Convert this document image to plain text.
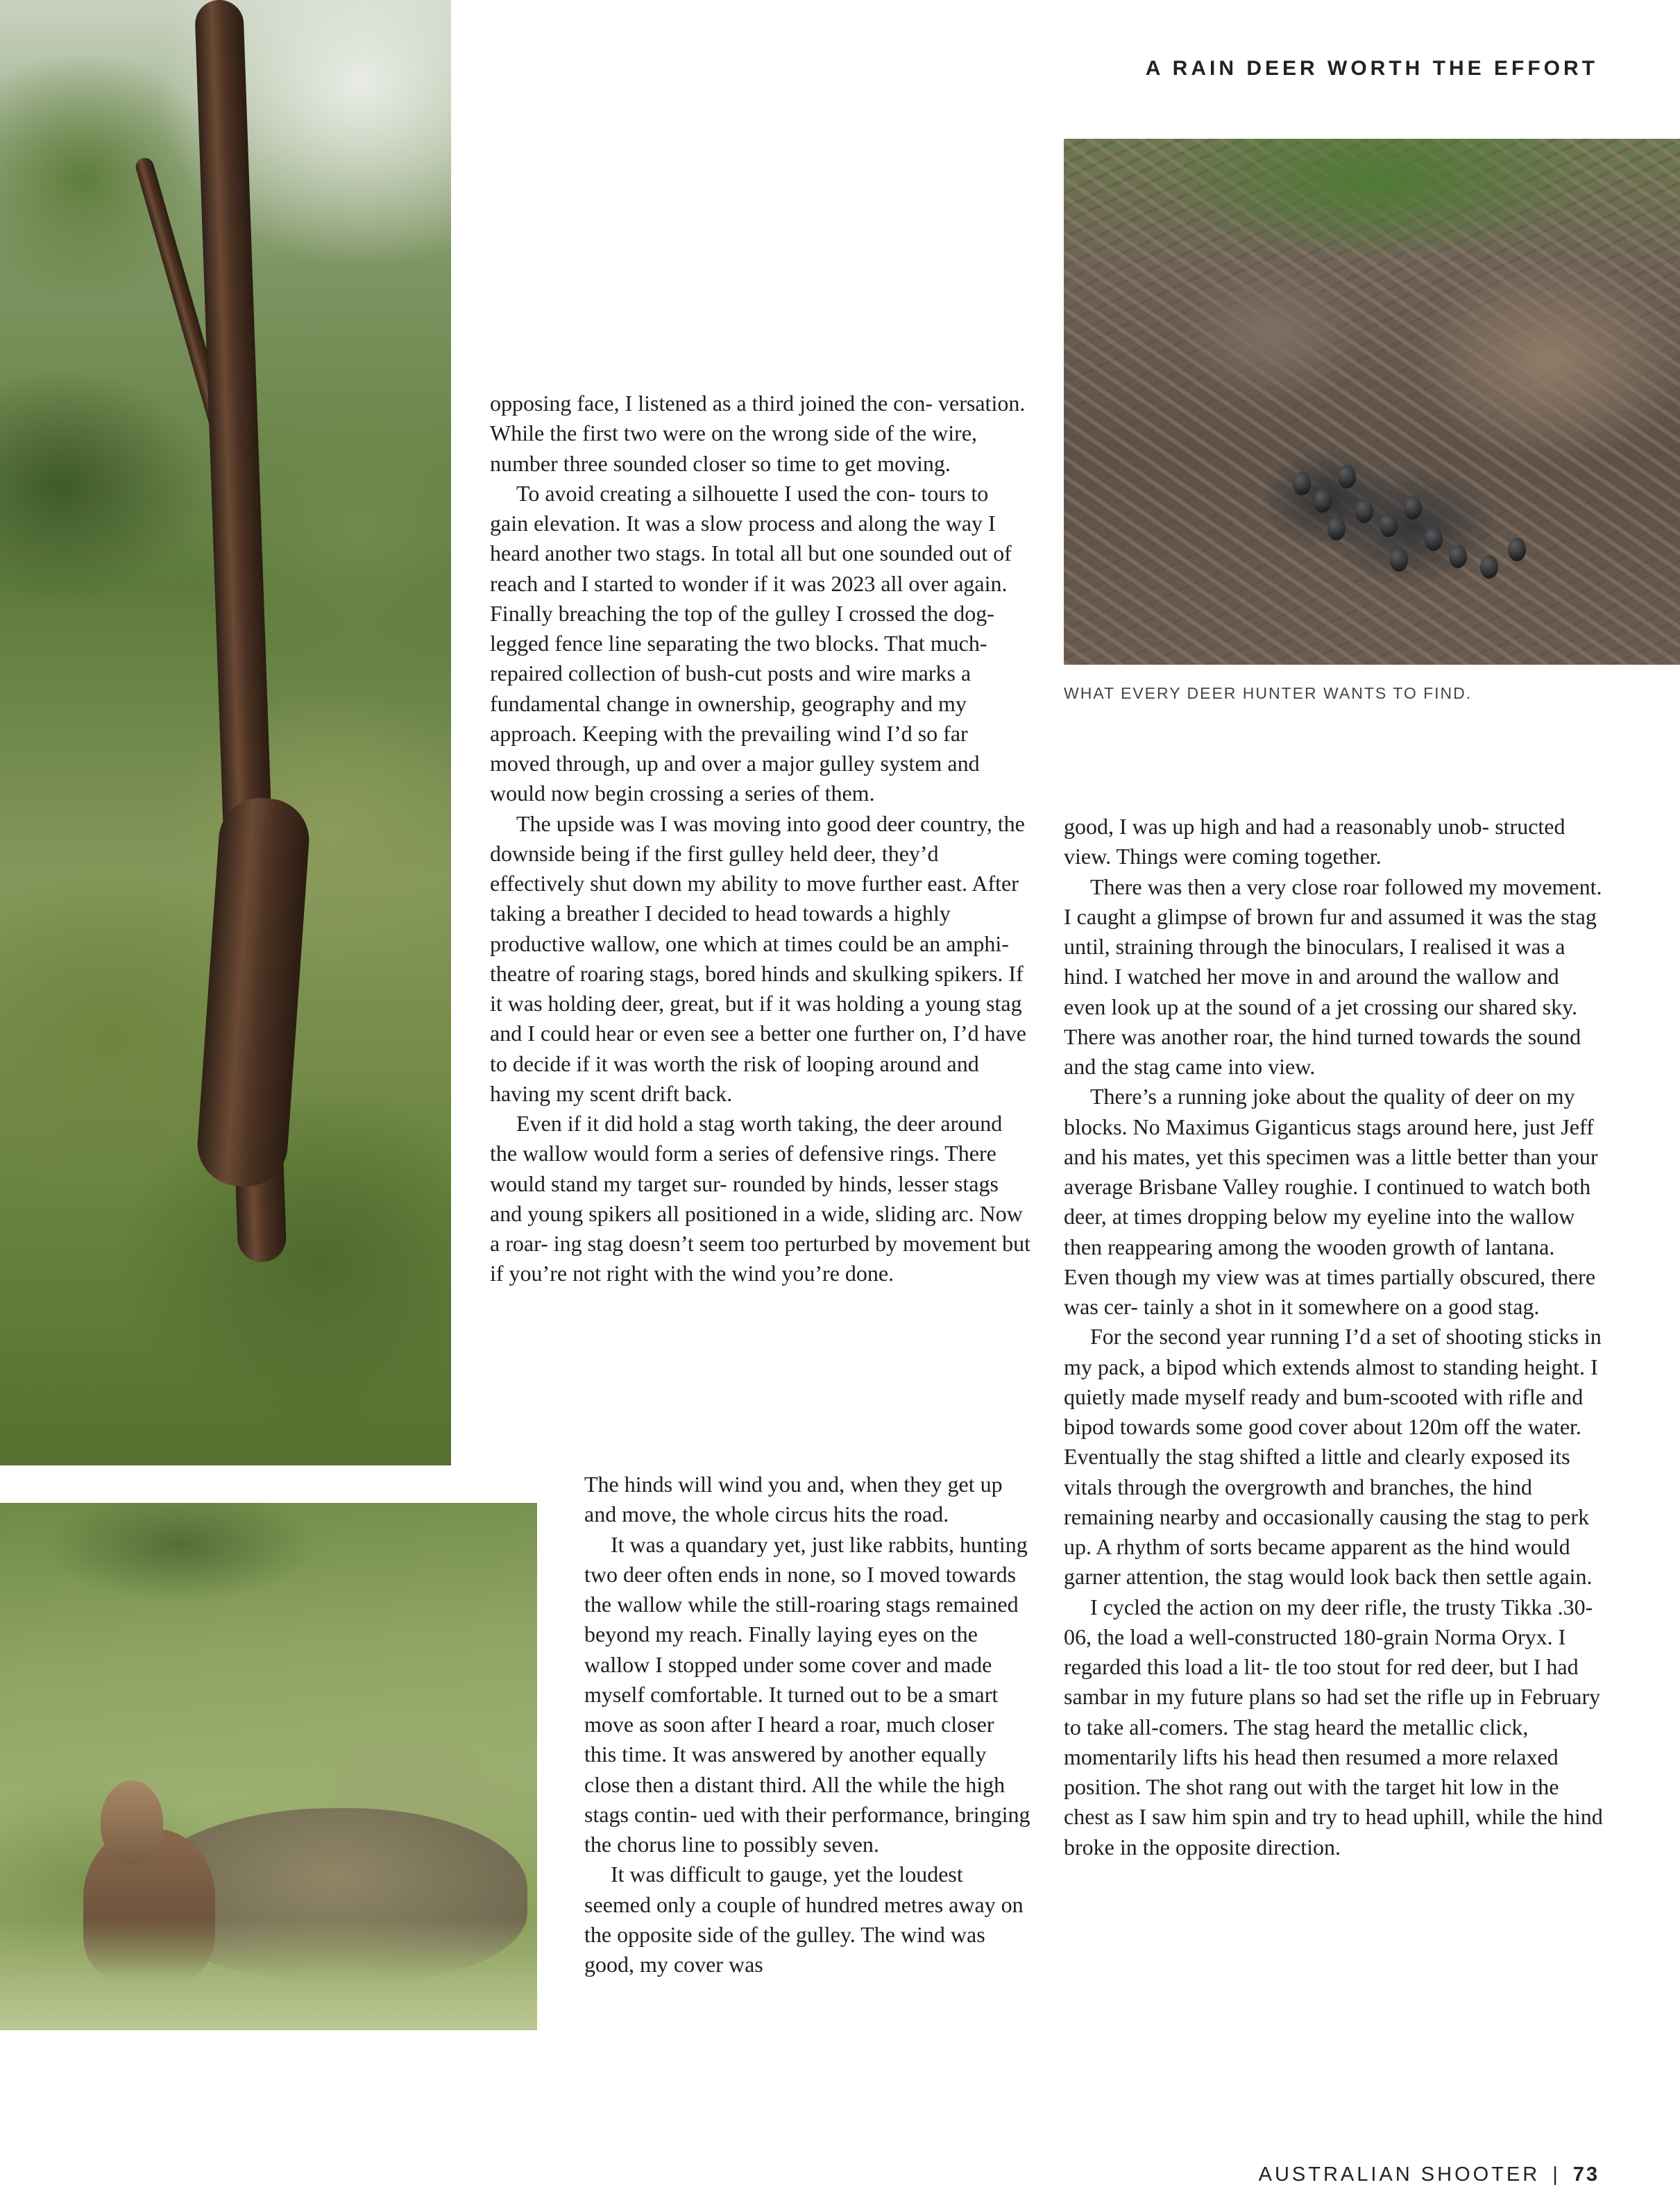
A RAIN DEER WORTH THE EFFORT
WHAT EVERY DEER HUNTER WANTS TO FIND.

opposing face, I listened as a third joined the con- versation. While the first two were on the wrong side of the wire, number three sounded closer so time to get moving.

To avoid creating a silhouette I used the con- tours to gain elevation. It was a slow process and along the way I heard another two stags. In total all but one sounded out of reach and I started to wonder if it was 2023 all over again. Finally breaching the top of the gulley I crossed the dog- legged fence line separating the two blocks. That much-repaired collection of bush-cut posts and wire marks a fundamental change in ownership, geography and my approach. Keeping with the prevailing wind I’d so far moved through, up and over a major gulley system and would now begin crossing a series of them.

The upside was I was moving into good deer country, the downside being if the first gulley held deer, they’d effectively shut down my ability to move further east. After taking a breather I decided to head towards a highly productive wallow, one which at times could be an amphi- theatre of roaring stags, bored hinds and skulking spikers. If it was holding deer, great, but if it was holding a young stag and I could hear or even see a better one further on, I’d have to decide if it was worth the risk of looping around and having my scent drift back.

Even if it did hold a stag worth taking, the deer around the wallow would form a series of defensive rings. There would stand my target sur- rounded by hinds, lesser stags and young spikers all positioned in a wide, sliding arc. Now a roar- ing stag doesn’t seem too perturbed by movement but if you’re not right with the wind you’re done.

The hinds will wind you and, when they get up and move, the whole circus hits the road.

It was a quandary yet, just like rabbits, hunting two deer often ends in none, so I moved towards the wallow while the still-roaring stags remained beyond my reach. Finally laying eyes on the wallow I stopped under some cover and made myself comfortable. It turned out to be a smart move as soon after I heard a roar, much closer this time. It was answered by another equally close then a distant third. All the while the high stags contin- ued with their performance, bringing the chorus line to possibly seven.

It was difficult to gauge, yet the loudest seemed only a couple of hundred metres away on the opposite side of the gulley. The wind was good, my cover was

good, I was up high and had a reasonably unob- structed view. Things were coming together.

There was then a very close roar followed my movement. I caught a glimpse of brown fur and assumed it was the stag until, straining through the binoculars, I realised it was a hind. I watched her move in and around the wallow and even look up at the sound of a jet crossing our shared sky. There was another roar, the hind turned towards the sound and the stag came into view.

There’s a running joke about the quality of deer on my blocks. No Maximus Giganticus stags around here, just Jeff and his mates, yet this specimen was a little better than your average Brisbane Valley roughie. I continued to watch both deer, at times dropping below my eyeline into the wallow then reappearing among the wooden growth of lantana. Even though my view was at times partially obscured, there was cer- tainly a shot in it somewhere on a good stag.

For the second year running I’d a set of shooting sticks in my pack, a bipod which extends almost to standing height. I quietly made myself ready and bum-scooted with rifle and bipod towards some good cover about 120m off the water. Eventually the stag shifted a little and clearly exposed its vitals through the overgrowth and branches, the hind remaining nearby and occasionally causing the stag to perk up. A rhythm of sorts became apparent as the hind would garner attention, the stag would look back then settle again.

I cycled the action on my deer rifle, the trusty Tikka .30-06, the load a well-constructed 180-grain Norma Oryx. I regarded this load a lit- tle too stout for red deer, but I had sambar in my future plans so had set the rifle up in February to take all-comers. The stag heard the metallic click, momentarily lifts his head then resumed a more relaxed position. The shot rang out with the target hit low in the chest as I saw him spin and try to head uphill, while the hind broke in the opposite direction.

AUSTRALIAN SHOOTER | 73
